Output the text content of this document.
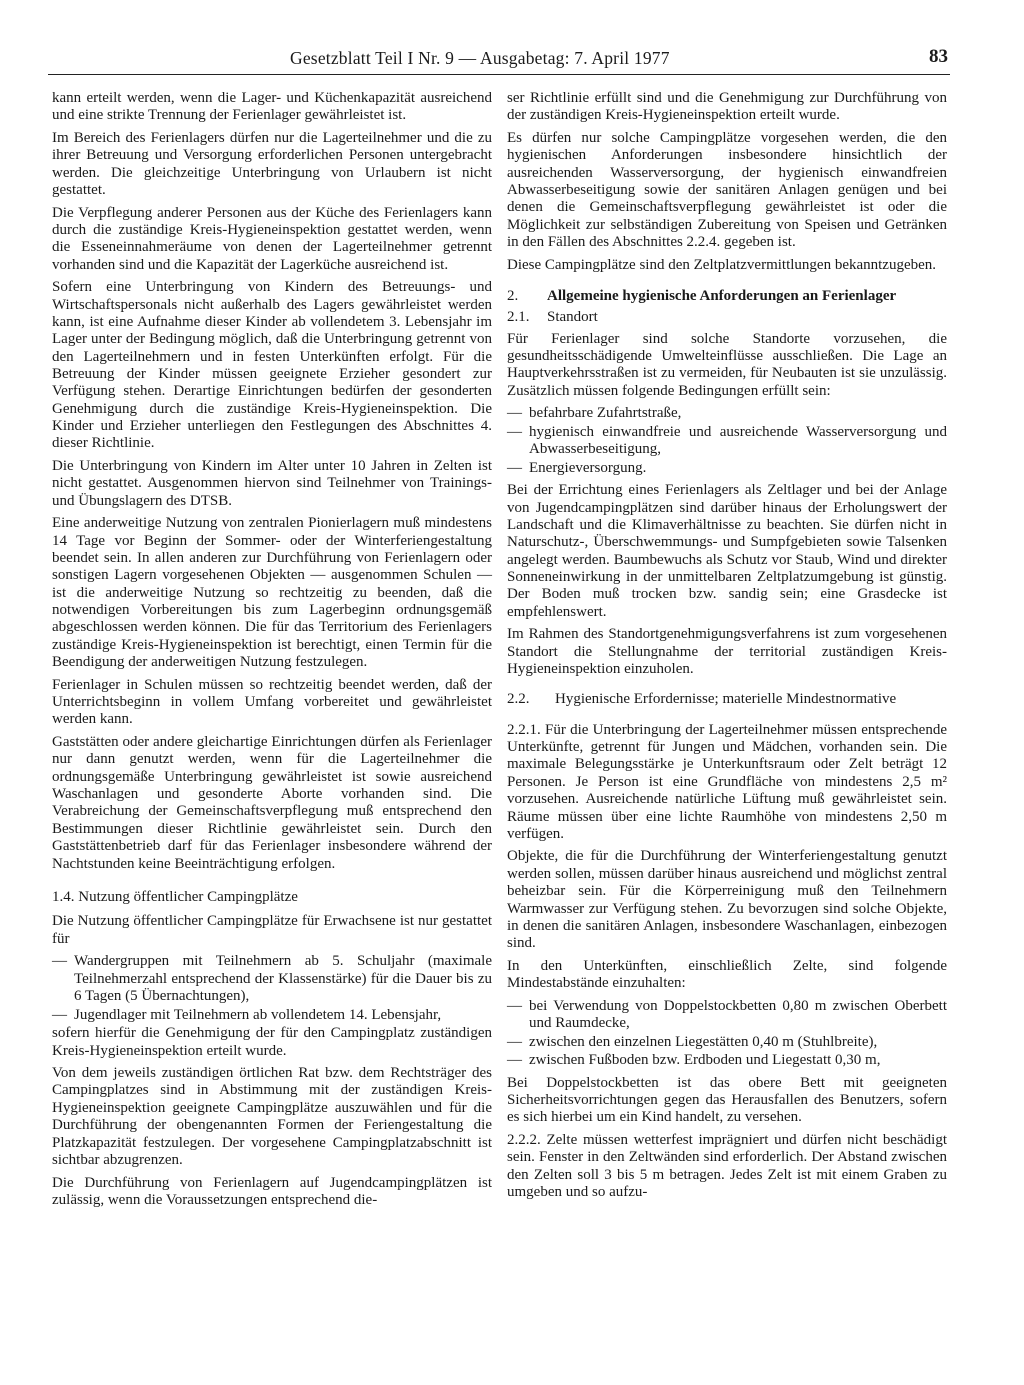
Gesetzblatt Teil I Nr. 9 — Ausgabetag: 7. April 1977	83

kann erteilt werden, wenn die Lager- und Küchenkapazität ausreichend und eine strikte Trennung der Ferienlager gewährleistet ist.

Im Bereich des Ferienlagers dürfen nur die Lagerteilnehmer und die zu ihrer Betreuung und Versorgung erforderlichen Personen untergebracht werden. Die gleichzeitige Unterbringung von Urlaubern ist nicht gestattet.

Die Verpflegung anderer Personen aus der Küche des Ferienlagers kann durch die zuständige Kreis-Hygieneinspektion gestattet werden, wenn die Esseneinnahmeräume von denen der Lagerteilnehmer getrennt vorhanden sind und die Kapazität der Lagerküche ausreichend ist.

Sofern eine Unterbringung von Kindern des Betreuungs- und Wirtschaftspersonals nicht außerhalb des Lagers gewährleistet werden kann, ist eine Aufnahme dieser Kinder ab vollendetem 3. Lebensjahr im Lager unter der Bedingung möglich, daß die Unterbringung getrennt von den Lagerteilnehmern und in festen Unterkünften erfolgt. Für die Betreuung der Kinder müssen geeignete Erzieher gesondert zur Verfügung stehen. Derartige Einrichtungen bedürfen der gesonderten Genehmigung durch die zuständige Kreis-Hygieneinspektion. Die Kinder und Erzieher unterliegen den Festlegungen des Abschnittes 4. dieser Richtlinie.

Die Unterbringung von Kindern im Alter unter 10 Jahren in Zelten ist nicht gestattet. Ausgenommen hiervon sind Teilnehmer von Trainings- und Übungslagern des DTSB.

Eine anderweitige Nutzung von zentralen Pionierlagern muß mindestens 14 Tage vor Beginn der Sommer- oder der Winterferiengestaltung beendet sein. In allen anderen zur Durchführung von Ferienlagern oder sonstigen Lagern vorgesehenen Objekten — ausgenommen Schulen — ist die anderweitige Nutzung so rechtzeitig zu beenden, daß die notwendigen Vorbereitungen bis zum Lagerbeginn ordnungsgemäß abgeschlossen werden können. Die für das Territorium des Ferienlagers zuständige Kreis-Hygieneinspektion ist berechtigt, einen Termin für die Beendigung der anderweitigen Nutzung festzulegen.

Ferienlager in Schulen müssen so rechtzeitig beendet werden, daß der Unterrichtsbeginn in vollem Umfang vorbereitet und gewährleistet werden kann.

Gaststätten oder andere gleichartige Einrichtungen dürfen als Ferienlager nur dann genutzt werden, wenn für die Lagerteilnehmer die ordnungsgemäße Unterbringung gewährleistet ist sowie ausreichend Waschanlagen und gesonderte Aborte vorhanden sind. Die Verabreichung der Gemeinschaftsverpflegung muß entsprechend den Bestimmungen dieser Richtlinie gewährleistet sein. Durch den Gaststättenbetrieb darf für das Ferienlager insbesondere während der Nachtstunden keine Beeinträchtigung erfolgen.

1.4. Nutzung öffentlicher Campingplätze

Die Nutzung öffentlicher Campingplätze für Erwachsene ist nur gestattet für

— Wandergruppen mit Teilnehmern ab 5. Schuljahr (maximale Teilnehmerzahl entsprechend der Klassenstärke) für die Dauer bis zu 6 Tagen (5 Übernachtungen),
— Jugendlager mit Teilnehmern ab vollendetem 14. Lebensjahr,

sofern hierfür die Genehmigung der für den Campingplatz zuständigen Kreis-Hygieneinspektion erteilt wurde.

Von dem jeweils zuständigen örtlichen Rat bzw. dem Rechtsträger des Campingplatzes sind in Abstimmung mit der zuständigen Kreis-Hygieneinspektion geeignete Campingplätze auszuwählen und für die Durchführung der obengenannten Formen der Feriengestaltung die Platzkapazität festzulegen. Der vorgesehene Campingplatzabschnitt ist sichtbar abzugrenzen.

Die Durchführung von Ferienlagern auf Jugendcampingplätzen ist zulässig, wenn die Voraussetzungen entsprechend die-

ser Richtlinie erfüllt sind und die Genehmigung zur Durchführung von der zuständigen Kreis-Hygieneinspektion erteilt wurde.

Es dürfen nur solche Campingplätze vorgesehen werden, die den hygienischen Anforderungen insbesondere hinsichtlich der ausreichenden Wasserversorgung, der hygienisch einwandfreien Abwasserbeseitigung sowie der sanitären Anlagen genügen und bei denen die Gemeinschaftsverpflegung gewährleistet ist oder die Möglichkeit zur selbständigen Zubereitung von Speisen und Getränken in den Fällen des Abschnittes 2.2.4. gegeben ist.

Diese Campingplätze sind den Zeltplatzvermittlungen bekanntzugeben.

2.	Allgemeine hygienische Anforderungen an Ferienlager
2.1.	Standort

Für Ferienlager sind solche Standorte vorzusehen, die gesundheitsschädigende Umwelteinflüsse ausschließen. Die Lage an Hauptverkehrsstraßen ist zu vermeiden, für Neubauten ist sie unzulässig. Zusätzlich müssen folgende Bedingungen erfüllt sein:

— befahrbare Zufahrtstraße,
— hygienisch einwandfreie und ausreichende Wasserversorgung und Abwasserbeseitigung,
— Energieversorgung.

Bei der Errichtung eines Ferienlagers als Zeltlager und bei der Anlage von Jugendcampingplätzen sind darüber hinaus der Erholungswert der Landschaft und die Klimaverhältnisse zu beachten. Sie dürfen nicht in Naturschutz-, Überschwemmungs- und Sumpfgebieten sowie Talsenken angelegt werden. Baumbewuchs als Schutz vor Staub, Wind und direkter Sonneneinwirkung in der unmittelbaren Zeltplatzumgebung ist günstig. Der Boden muß trocken bzw. sandig sein; eine Grasdecke ist empfehlenswert.

Im Rahmen des Standortgenehmigungsverfahrens ist zum vorgesehenen Standort die Stellungnahme der territorial zuständigen Kreis-Hygieneinspektion einzuholen.

2.2.	Hygienische Erfordernisse; materielle Mindestnormative

2.2.1. Für die Unterbringung der Lagerteilnehmer müssen entsprechende Unterkünfte, getrennt für Jungen und Mädchen, vorhanden sein. Die maximale Belegungsstärke je Unterkunftsraum oder Zelt beträgt 12 Personen. Je Person ist eine Grundfläche von mindestens 2,5 m² vorzusehen. Ausreichende natürliche Lüftung muß gewährleistet sein. Räume müssen über eine lichte Raumhöhe von mindestens 2,50 m verfügen.

Objekte, die für die Durchführung der Winterferiengestaltung genutzt werden sollen, müssen darüber hinaus ausreichend und möglichst zentral beheizbar sein. Für die Körperreinigung muß den Teilnehmern Warmwasser zur Verfügung stehen. Zu bevorzugen sind solche Objekte, in denen die sanitären Anlagen, insbesondere Waschanlagen, einbezogen sind.

In den Unterkünften, einschließlich Zelte, sind folgende Mindestabstände einzuhalten:

— bei Verwendung von Doppelstockbetten 0,80 m zwischen Oberbett und Raumdecke,
— zwischen den einzelnen Liegestätten 0,40 m (Stuhlbreite),
— zwischen Fußboden bzw. Erdboden und Liegestatt 0,30 m,

Bei Doppelstockbetten ist das obere Bett mit geeigneten Sicherheitsvorrichtungen gegen das Herausfallen des Benutzers, sofern es sich hierbei um ein Kind handelt, zu versehen.

2.2.2. Zelte müssen wetterfest imprägniert und dürfen nicht beschädigt sein. Fenster in den Zeltwänden sind erforderlich. Der Abstand zwischen den Zelten soll 3 bis 5 m betragen. Jedes Zelt ist mit einem Graben zu umgeben und so aufzu-
